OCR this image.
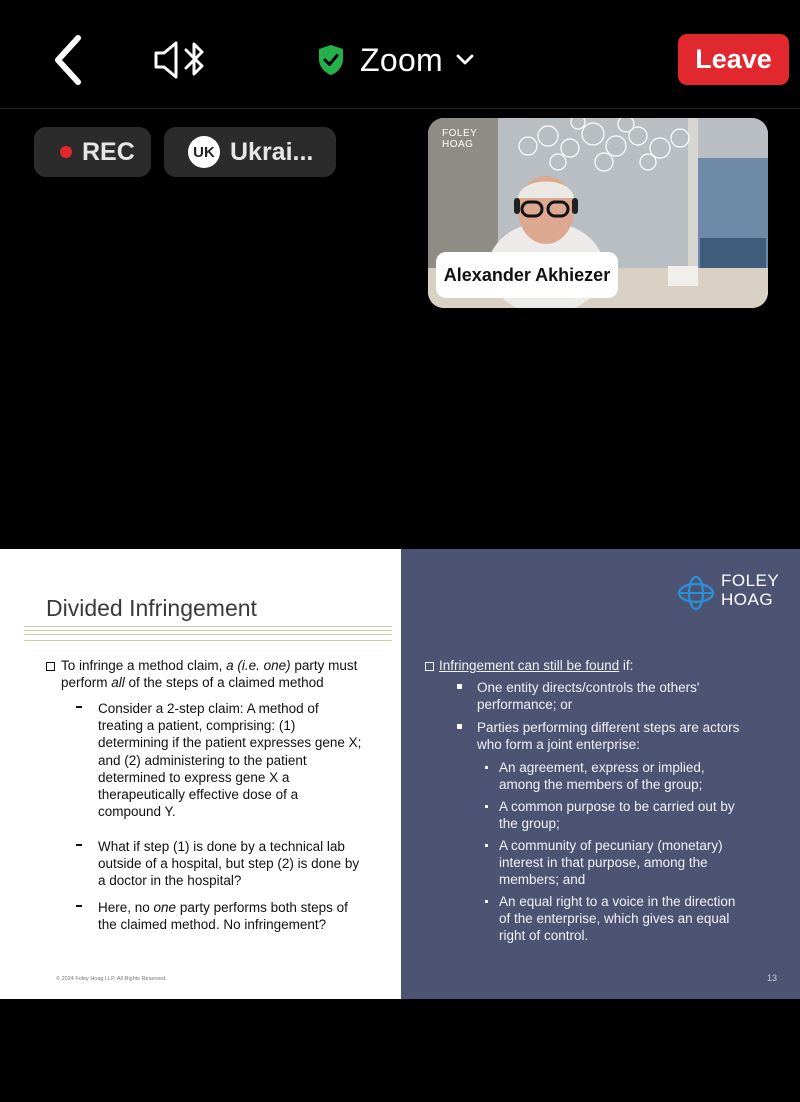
Zoom	Leave
REC	UK Ukrai...
FOLEY
HOAG
Alexander Akhiezer
Divided Infringement
To infringe a method claim, a (i.e. one) party must
perform all of the steps of a claimed method
Consider a 2-step claim: A method of
treating a patient, comprising: (1)
determining if the patient expresses gene X;
and (2) administering to the patient
determined to express gene X a
therapeutically effective dose of a
compound Y.
What if step (1) is done by a technical lab
outside of a hospital, but step (2) is done by
a doctor in the hospital?
Here, no one party performs both steps of
the claimed method. No infringement?
© 2024 Foley Hoag LLP. All Rights Reserved.
FOLEY
HOAG
Infringement can still be found if:
One entity directs/controls the others'
performance; or
Parties performing different steps are actors
who form a joint enterprise:
An agreement, express or implied,
among the members of the group;
A common purpose to be carried out by
the group;
A community of pecuniary (monetary)
interest in that purpose, among the
members; and
An equal right to a voice in the direction
of the enterprise, which gives an equal
right of control.
13
